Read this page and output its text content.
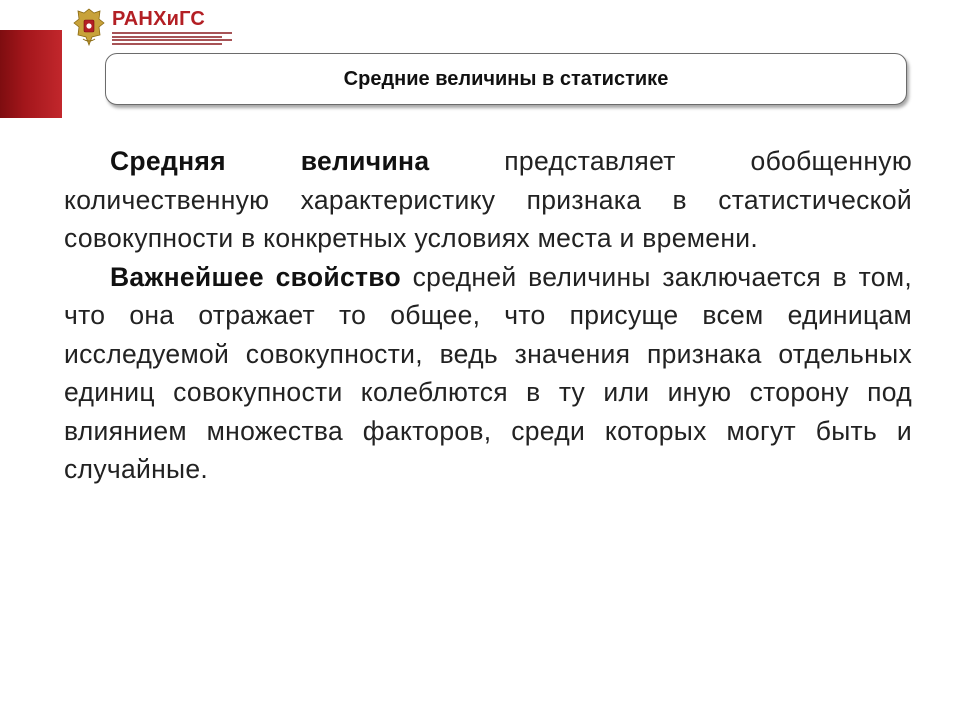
РАНХиГС
Средние величины в статистике

Средняя величина представляет обобщенную количественную характеристику признака в статистической совокупности в конкретных условиях места и времени.

Важнейшее свойство средней величины заключается в том, что она отражает то общее, что присуще всем единицам исследуемой совокупности, ведь значения признака отдельных единиц совокупности колеблются в ту или иную сторону под влиянием множества факторов, среди которых могут быть и случайные.
